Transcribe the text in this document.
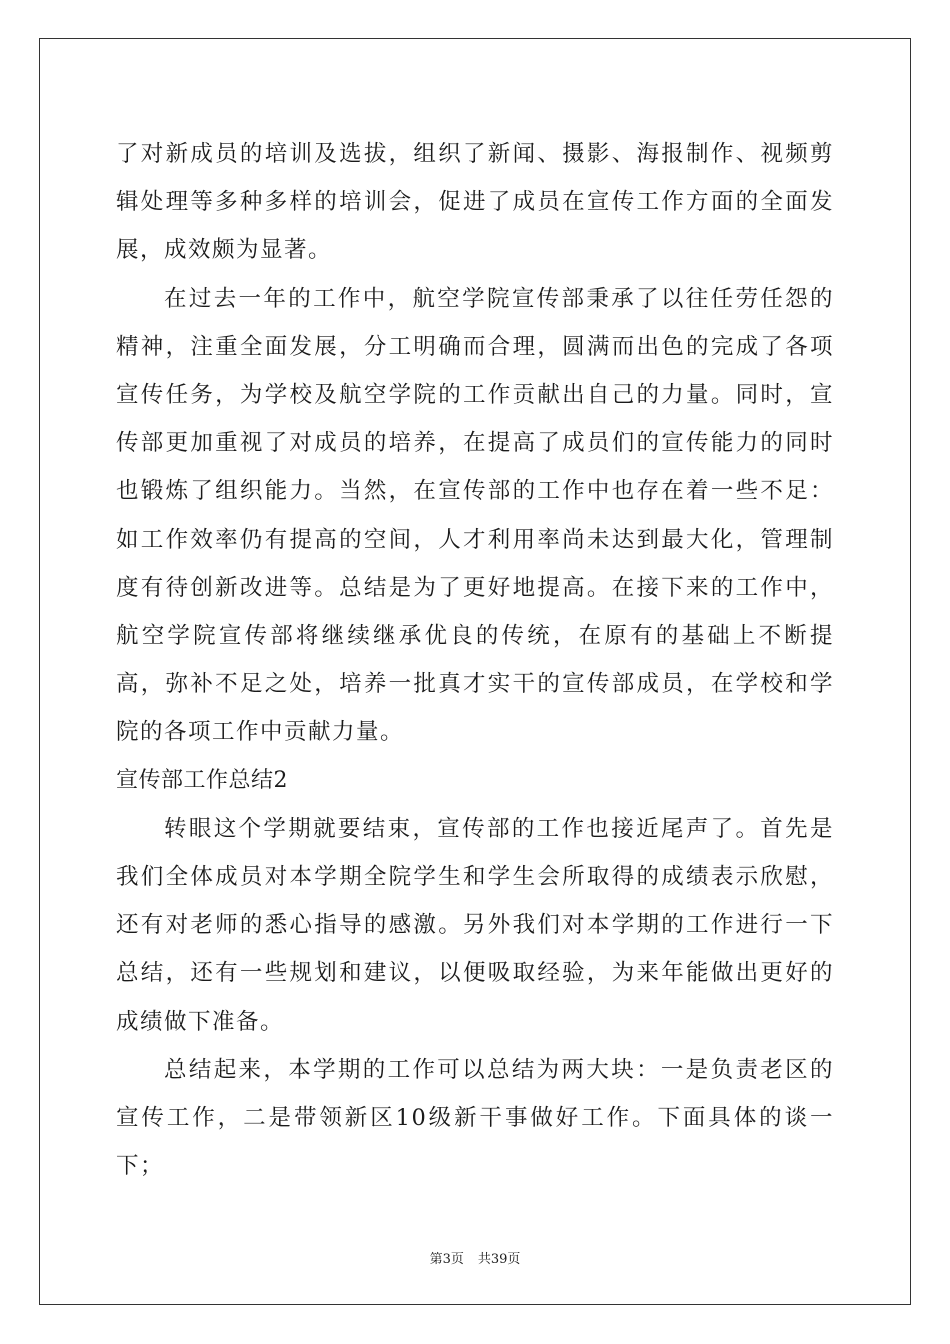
了对新成员的培训及选拔，组织了新闻、摄影、海报制作、视频剪辑处理等多种多样的培训会，促进了成员在宣传工作方面的全面发展，成效颇为显著。

在过去一年的工作中，航空学院宣传部秉承了以往任劳任怨的精神，注重全面发展，分工明确而合理，圆满而出色的完成了各项宣传任务，为学校及航空学院的工作贡献出自己的力量。同时，宣传部更加重视了对成员的培养，在提高了成员们的宣传能力的同时也锻炼了组织能力。当然，在宣传部的工作中也存在着一些不足：如工作效率仍有提高的空间，人才利用率尚未达到最大化，管理制度有待创新改进等。总结是为了更好地提高。在接下来的工作中，航空学院宣传部将继续继承优良的传统，在原有的基础上不断提高，弥补不足之处，培养一批真才实干的宣传部成员，在学校和学院的各项工作中贡献力量。

宣传部工作总结2

转眼这个学期就要结束，宣传部的工作也接近尾声了。首先是我们全体成员对本学期全院学生和学生会所取得的成绩表示欣慰，还有对老师的悉心指导的感激。另外我们对本学期的工作进行一下总结，还有一些规划和建议，以便吸取经验，为来年能做出更好的成绩做下准备。

总结起来，本学期的工作可以总结为两大块：一是负责老区的宣传工作，二是带领新区10级新干事做好工作。下面具体的谈一下；

第3页 共39页
